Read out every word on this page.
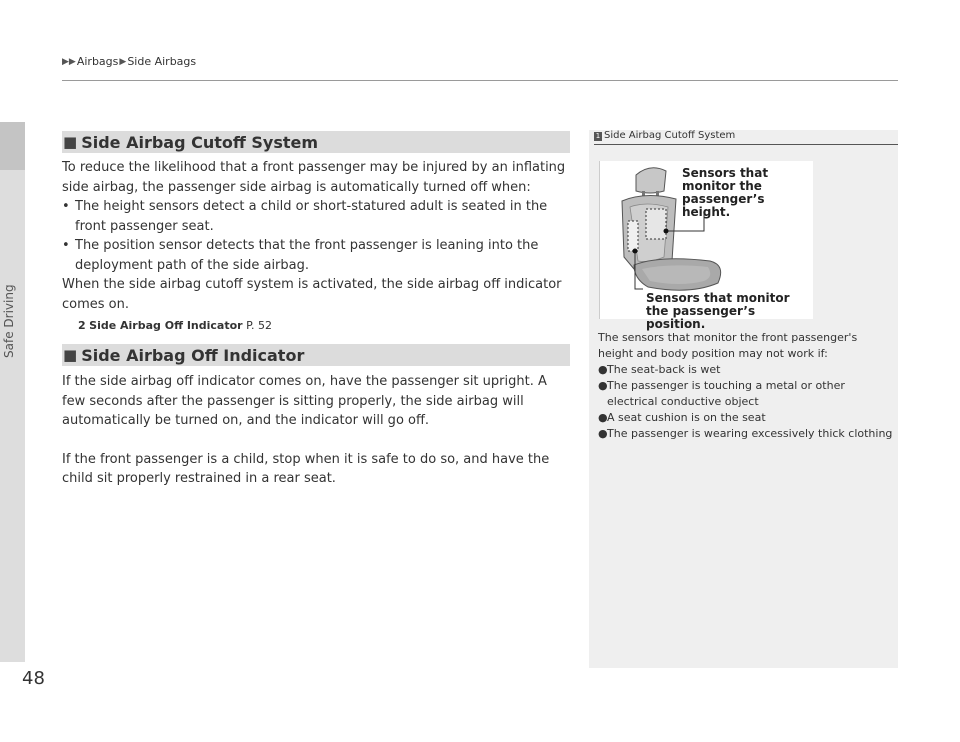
Safe Driving
48
▶▶ Airbags ▶ Side Airbags
■ Side Airbag Cutoff System

To reduce the likelihood that a front passenger may be injured by an inflating side airbag, the passenger side airbag is automatically turned off when:

• The height sensors detect a child or short-statured adult is seated in the front passenger seat.
• The position sensor detects that the front passenger is leaning into the deployment path of the side airbag.

When the side airbag cutoff system is activated, the side airbag off indicator comes on.

2 Side Airbag Off Indicator P. 52
■ Side Airbag Off Indicator

If the side airbag off indicator comes on, have the passenger sit upright. A few seconds after the passenger is sitting properly, the side airbag will automatically be turned on, and the indicator will go off.

If the front passenger is a child, stop when it is safe to do so, and have the child sit properly restrained in a rear seat.

1 Side Airbag Cutoff System
Sensors that monitor the passenger’s height.
Sensors that monitor the passenger’s position.

The sensors that monitor the front passenger's height and body position may not work if:

● The seat-back is wet
● The passenger is touching a metal or other electrical conductive object
● A seat cushion is on the seat
● The passenger is wearing excessively thick clothing
